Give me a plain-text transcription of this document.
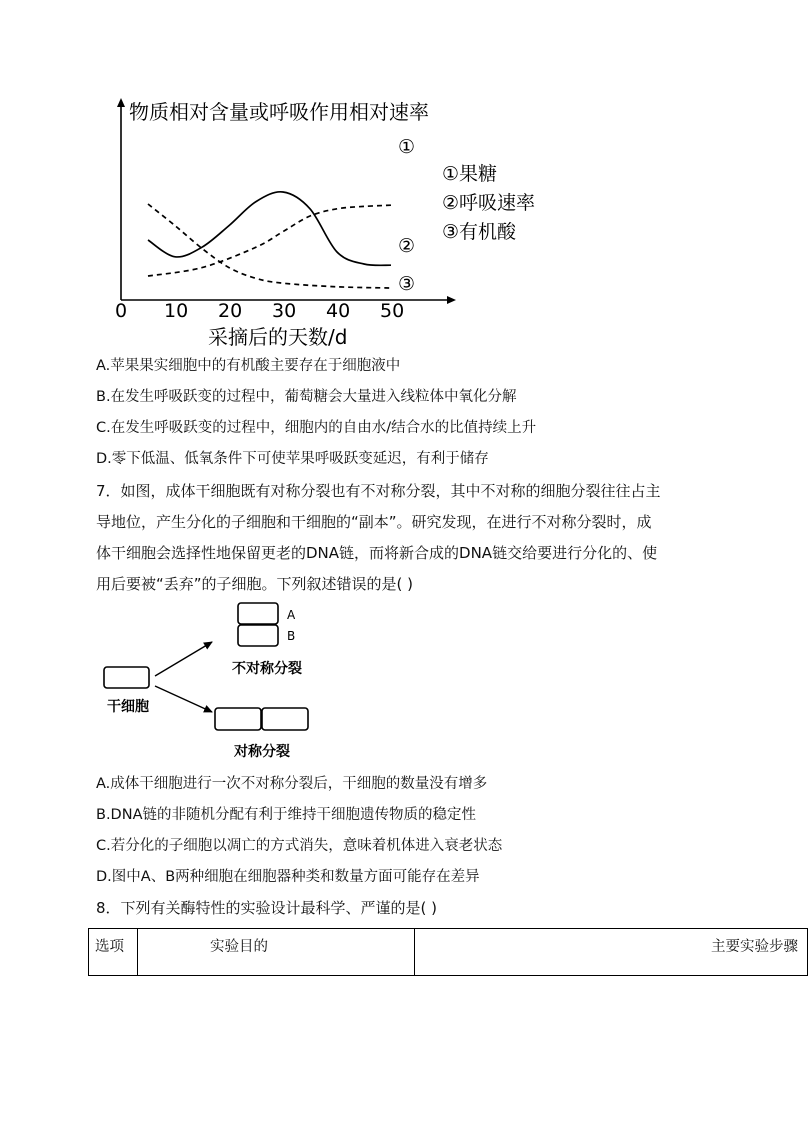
物质相对含量或呼吸作用相对速率
0 10 20 30 40 50
采摘后的天数/d
①
②
③
①果糖
②呼吸速率
③有机酸
A.苹果果实细胞中的有机酸主要存在于细胞液中
B.在发生呼吸跃变的过程中，葡萄糖会大量进入线粒体中氧化分解
C.在发生呼吸跃变的过程中，细胞内的自由水/结合水的比值持续上升
D.零下低温、低氧条件下可使苹果呼吸跃变延迟，有利于储存
7．如图，成体干细胞既有对称分裂也有不对称分裂，其中不对称的细胞分裂往往占主
导地位，产生分化的子细胞和干细胞的“副本”。研究发现，在进行不对称分裂时，成
体干细胞会选择性地保留更老的DNA链，而将新合成的DNA链交给要进行分化的、使
用后要被“丢弃”的子细胞。下列叙述错误的是( )
干细胞
A
B
不对称分裂
对称分裂
A.成体干细胞进行一次不对称分裂后，干细胞的数量没有增多
B.DNA链的非随机分配有利于维持干细胞遗传物质的稳定性
C.若分化的子细胞以凋亡的方式消失，意味着机体进入衰老状态
D.图中A、B两种细胞在细胞器种类和数量方面可能存在差异
8．下列有关酶特性的实验设计最科学、严谨的是( )
选项	实验目的	主要实验步骤
